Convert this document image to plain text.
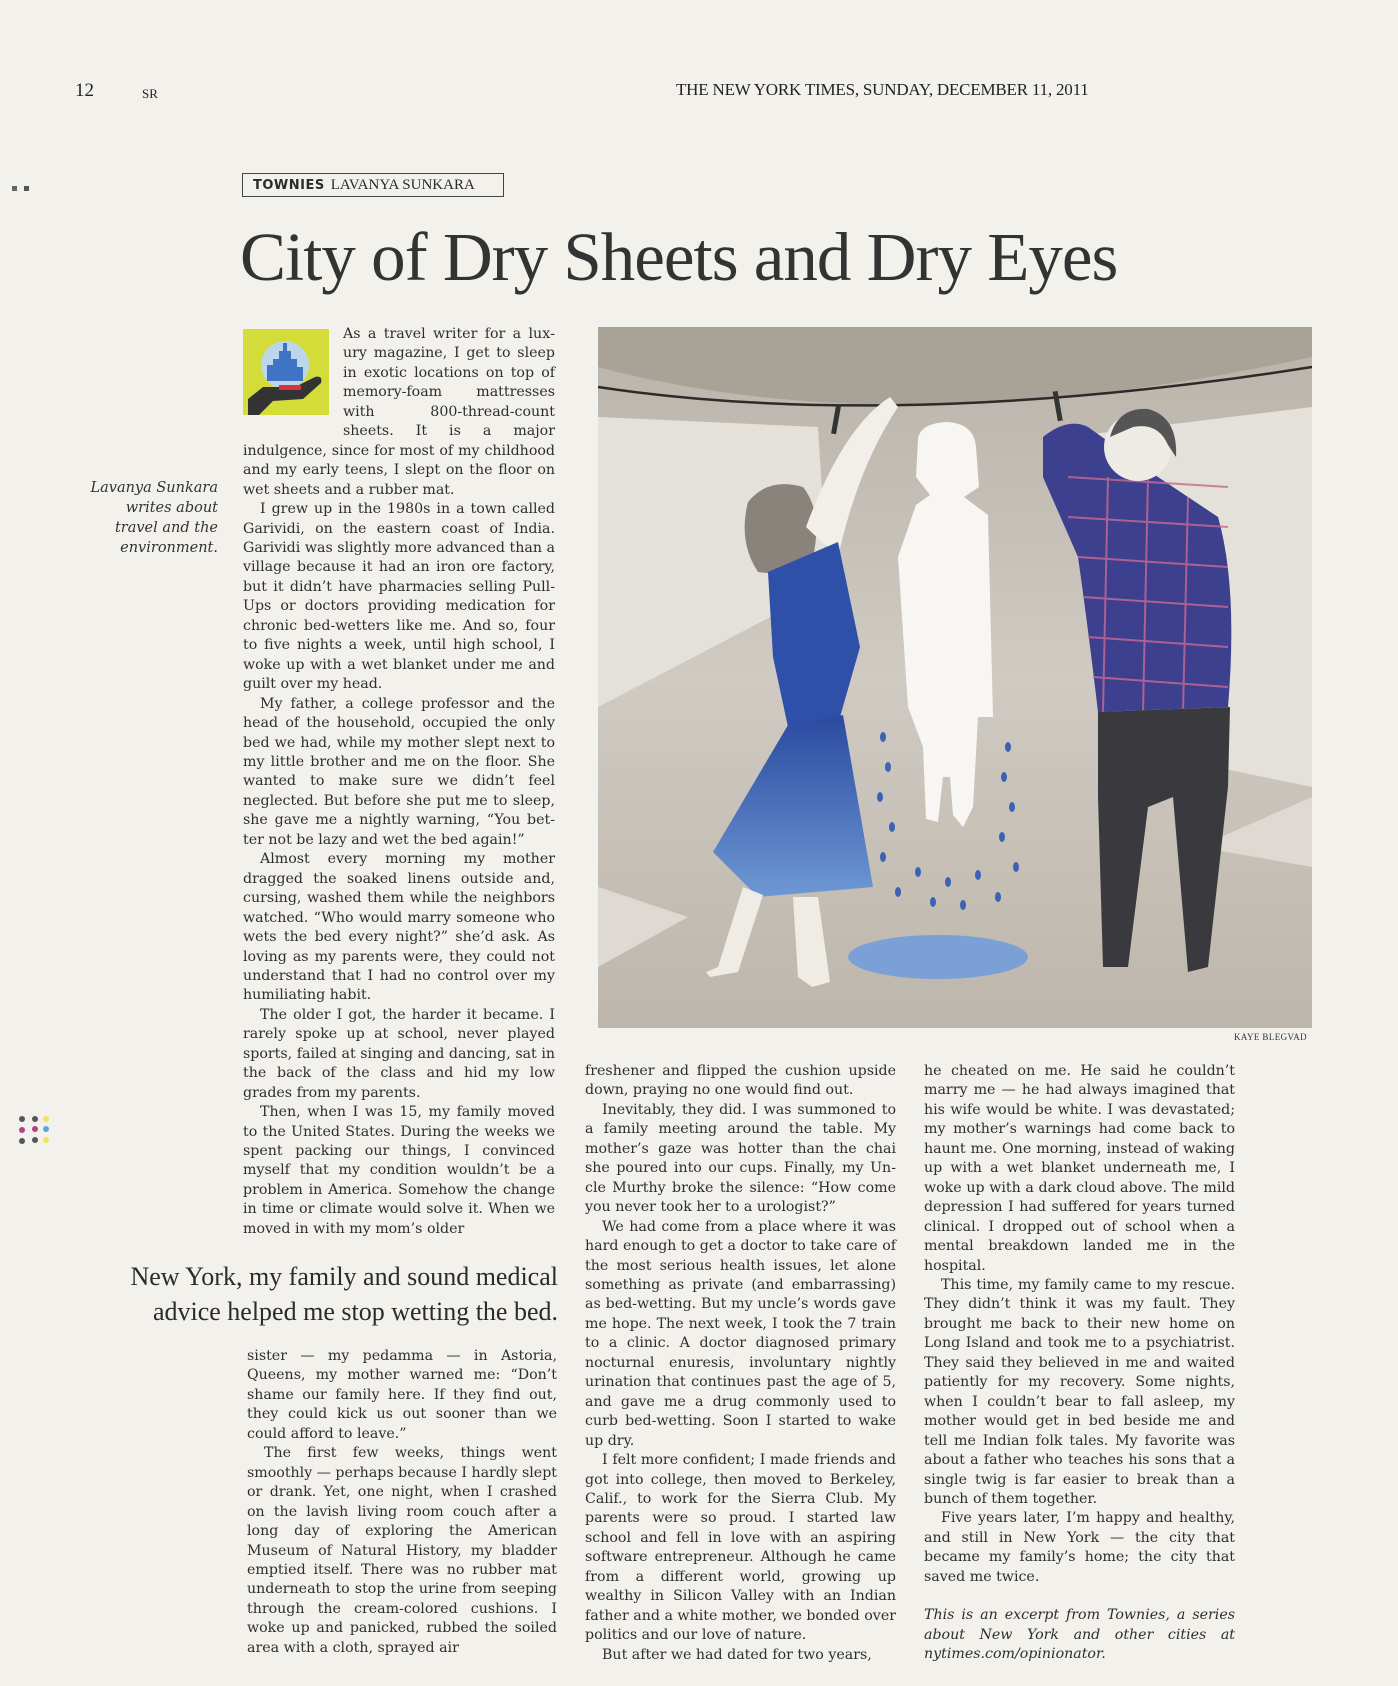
12	SR	THE NEW YORK TIMES, SUNDAY, DECEMBER 11, 2011
TOWNIES LAVANYA SUNKARA
City of Dry Sheets and Dry Eyes
Lavanya Sunkara
writes about
travel and the
environment.

As a travel writer for a luxury magazine, I get to sleep in exotic locations on top of memory-foam mattresses with 800-thread-count sheets. It is a major indulgence, since for most of my childhood and my early teens, I slept on the floor on wet sheets and a rubber mat.

I grew up in the 1980s in a town called Garividi, on the eastern coast of India. Garividi was slightly more advanced than a village because it had an iron ore factory, but it didn’t have pharmacies selling Pull-Ups or doctors providing medication for chronic bed-wetters like me. And so, four to five nights a week, until high school, I woke up with a wet blanket under me and guilt over my head.

My father, a college professor and the head of the household, occupied the only bed we had, while my mother slept next to my little brother and me on the floor. She wanted to make sure we didn’t feel neglected. But before she put me to sleep, she gave me a nightly warning, “You better not be lazy and wet the bed again!”

Almost every morning my mother dragged the soaked linens outside and, cursing, washed them while the neighbors watched. “Who would marry someone who wets the bed every night?” she’d ask. As loving as my parents were, they could not understand that I had no control over my humiliating habit.

The older I got, the harder it became. I rarely spoke up at school, never played sports, failed at singing and dancing, sat in the back of the class and hid my low grades from my parents.

Then, when I was 15, my family moved to the United States. During the weeks we spent packing our things, I convinced myself that my condition wouldn’t be a problem in America. Somehow the change in time or climate would solve it. When we moved in with my mom’s older

New York, my family and sound medical
advice helped me stop wetting the bed.

sister — my pedamma — in Astoria, Queens, my mother warned me: “Don’t shame our family here. If they find out, they could kick us out sooner than we could afford to leave.”

The first few weeks, things went smoothly — perhaps because I hardly slept or drank. Yet, one night, when I crashed on the lavish living room couch after a long day of exploring the American Museum of Natural History, my bladder emptied itself. There was no rubber mat underneath to stop the urine from seeping through the cream-colored cushions. I woke up and panicked, rubbed the soiled area with a cloth, sprayed air

KAYE BLEGVAD

freshener and flipped the cushion upside down, praying no one would find out.

Inevitably, they did. I was summoned to a family meeting around the table. My mother’s gaze was hotter than the chai she poured into our cups. Finally, my Uncle Murthy broke the silence: “How come you never took her to a urologist?”

We had come from a place where it was hard enough to get a doctor to take care of the most serious health issues, let alone something as private (and embarrassing) as bed-wetting. But my uncle’s words gave me hope. The next week, I took the 7 train to a clinic. A doctor diagnosed primary nocturnal enuresis, involuntary nightly urination that continues past the age of 5, and gave me a drug commonly used to curb bed-wetting. Soon I started to wake up dry.

I felt more confident; I made friends and got into college, then moved to Berkeley, Calif., to work for the Sierra Club. My parents were so proud. I started law school and fell in love with an aspiring software entrepreneur. Although he came from a different world, growing up wealthy in Silicon Valley with an Indian father and a white mother, we bonded over politics and our love of nature.

But after we had dated for two years,

he cheated on me. He said he couldn’t marry me — he had always imagined that his wife would be white. I was devastated; my mother’s warnings had come back to haunt me. One morning, instead of waking up with a wet blanket underneath me, I woke up with a dark cloud above. The mild depression I had suffered for years turned clinical. I dropped out of school when a mental breakdown landed me in the hospital.

This time, my family came to my rescue. They didn’t think it was my fault. They brought me back to their new home on Long Island and took me to a psychiatrist. They said they believed in me and waited patiently for my recovery. Some nights, when I couldn’t bear to fall asleep, my mother would get in bed beside me and tell me Indian folk tales. My favorite was about a father who teaches his sons that a single twig is far easier to break than a bunch of them together.

Five years later, I’m happy and healthy, and still in New York — the city that became my family’s home; the city that saved me twice.

This is an excerpt from Townies, a series about New York and other cities at nytimes.com/opinionator.
